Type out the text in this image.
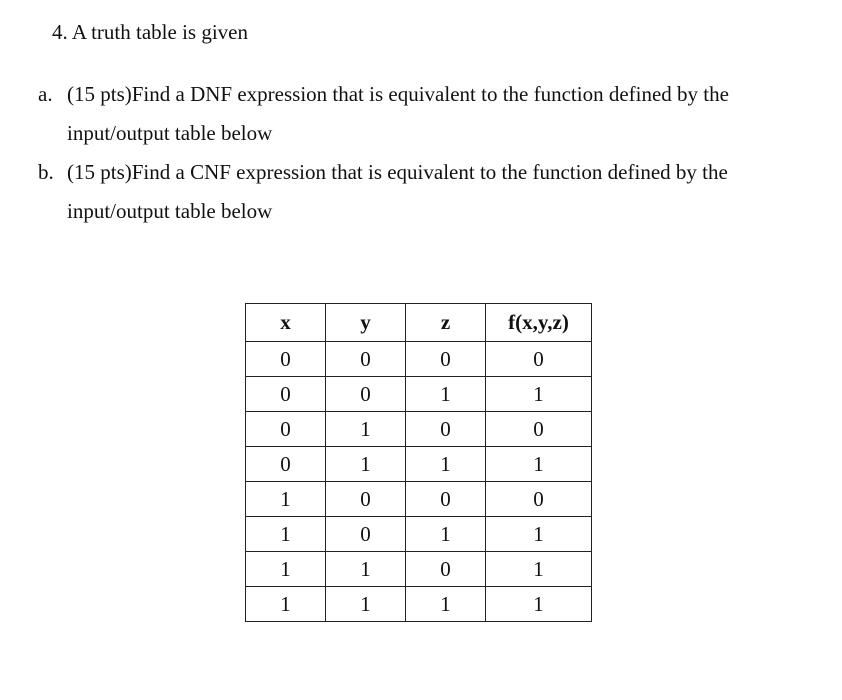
4. A truth table is given
a. (15 pts)Find a DNF expression that is equivalent to the function defined by the
input/output table below
b. (15 pts)Find a CNF expression that is equivalent to the function defined by the
input/output table below
x	y	z	f(x,y,z)
0	0	0	0
0	0	1	1
0	1	0	0
0	1	1	1
1	0	0	0
1	0	1	1
1	1	0	1
1	1	1	1
